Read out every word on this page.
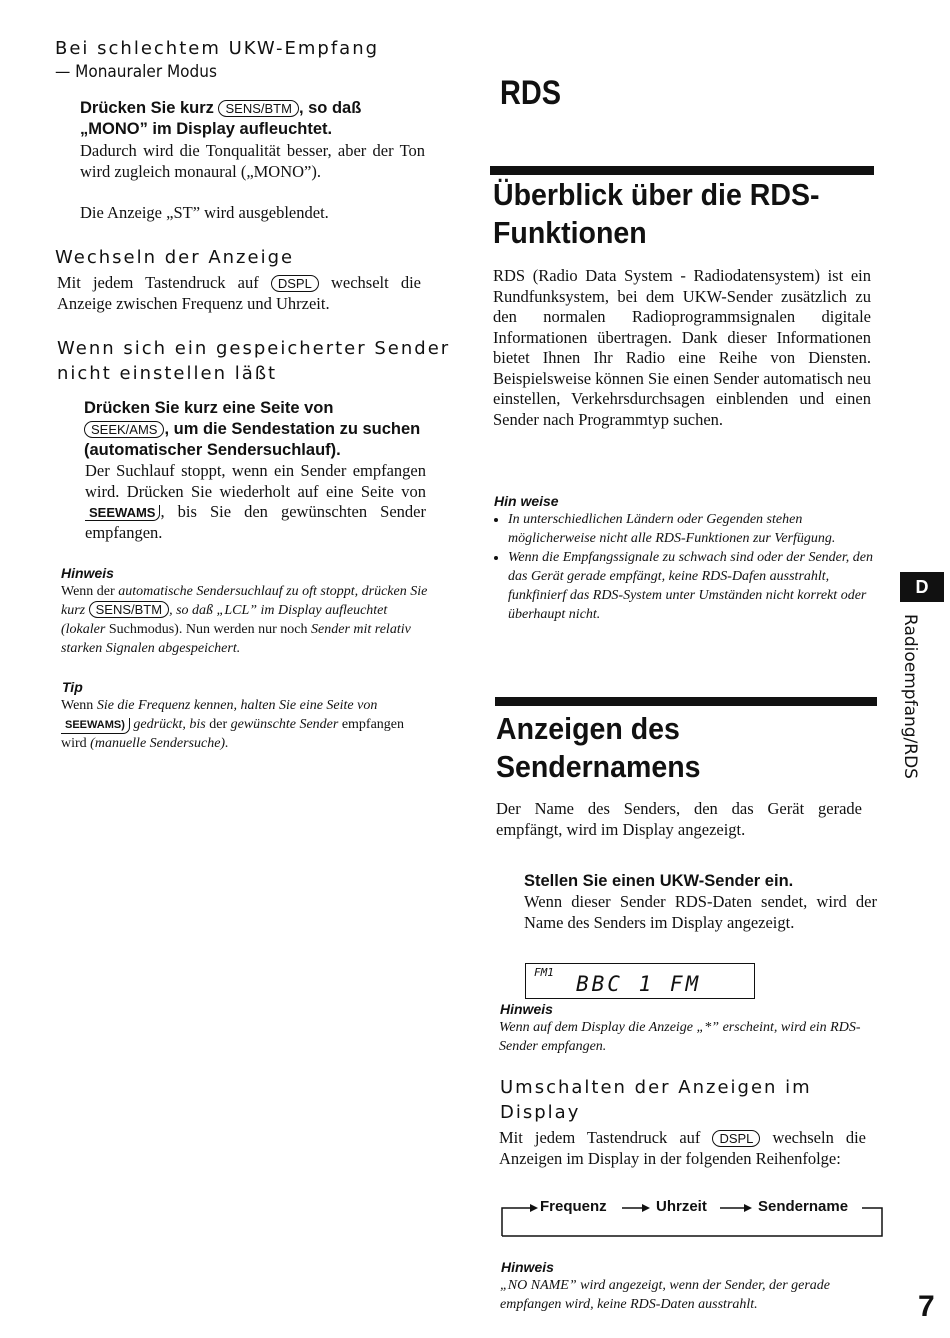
Bei schlechtem UKW-Empfang
— Monauraler Modus
Drücken Sie kurz SENS/BTM , so daß
„MONO” im Display aufleuchtet.
Dadurch wird die Tonqualität besser, aber der Ton wird zugleich monaural („MONO”).
Die Anzeige „ST” wird ausgeblendet.
Wechseln der Anzeige
Mit jedem Tastendruck auf DSPL wechselt die Anzeige zwischen Frequenz und Uhrzeit.
Wenn sich ein gespeicherter Sender
nicht einstellen läßt
Drücken Sie kurz eine Seite von
SEEK/AMS , um die Sendestation zu suchen (automatischer Sendersuchlauf).
Der Suchlauf stoppt, wenn ein Sender empfangen wird. Drücken Sie wiederholt auf eine Seite von SEEWAMS , bis Sie den gewünschten Sender empfangen.
Hinweis
Wenn der automatische Sendersuchlauf zu oft stoppt, drücken Sie kurz SENS/BTM , so daß „LCL” im Display aufleuchtet (lokaler Suchmodus). Nun werden nur noch Sender mit relativ starken Signalen abgespeichert.
Tip
Wenn Sie die Frequenz kennen, halten Sie eine Seite von SEEWAMS) gedrückt, bis der gewünschte Sender empfangen wird (manuelle Sendersuche).
RDS
Überblick über die RDS-Funktionen
RDS (Radio Data System - Radiodatensystem) ist ein Rundfunksystem, bei dem UKW-Sender zusätzlich zu den normalen Radioprogrammsignalen digitale Informationen übertragen. Dank dieser Informationen bietet Ihnen Ihr Radio eine Reihe von Diensten. Beispielsweise können Sie einen Sender automatisch neu einstellen, Verkehrsdurchsagen einblenden und einen Sender nach Programmtyp suchen.
Hin weise
• In unterschiedlichen Ländern oder Gegenden stehen möglicherweise nicht alle RDS-Funktionen zur Verfügung.
• Wenn die Empfangssignale zu schwach sind oder der Sender, den das Gerät gerade empfängt, keine RDS-Dafen ausstrahlt, funkfinierf das RDS-System unter Umständen nicht korrekt oder überhaupt nicht.
Anzeigen des Sendernamens
Der Name des Senders, den das Gerät gerade empfängt, wird im Display angezeigt.
Stellen Sie einen UKW-Sender ein.
Wenn dieser Sender RDS-Daten sendet, wird der Name des Senders im Display angezeigt.
FM1 BBC 1 FM
Hinweis
Wenn auf dem Display die Anzeige „*” erscheint, wird ein RDS-Sender empfangen.
Umschalten der Anzeigen im Display
Mit jedem Tastendruck auf DSPL wechseln die Anzeigen im Display in der folgenden Reihenfolge:
Frequenz	Uhrzeit	Sendername
Hinweis
„NO NAME” wird angezeigt, wenn der Sender, der gerade empfangen wird, keine RDS-Daten ausstrahlt.
D
Radioempfang/RDS
7
